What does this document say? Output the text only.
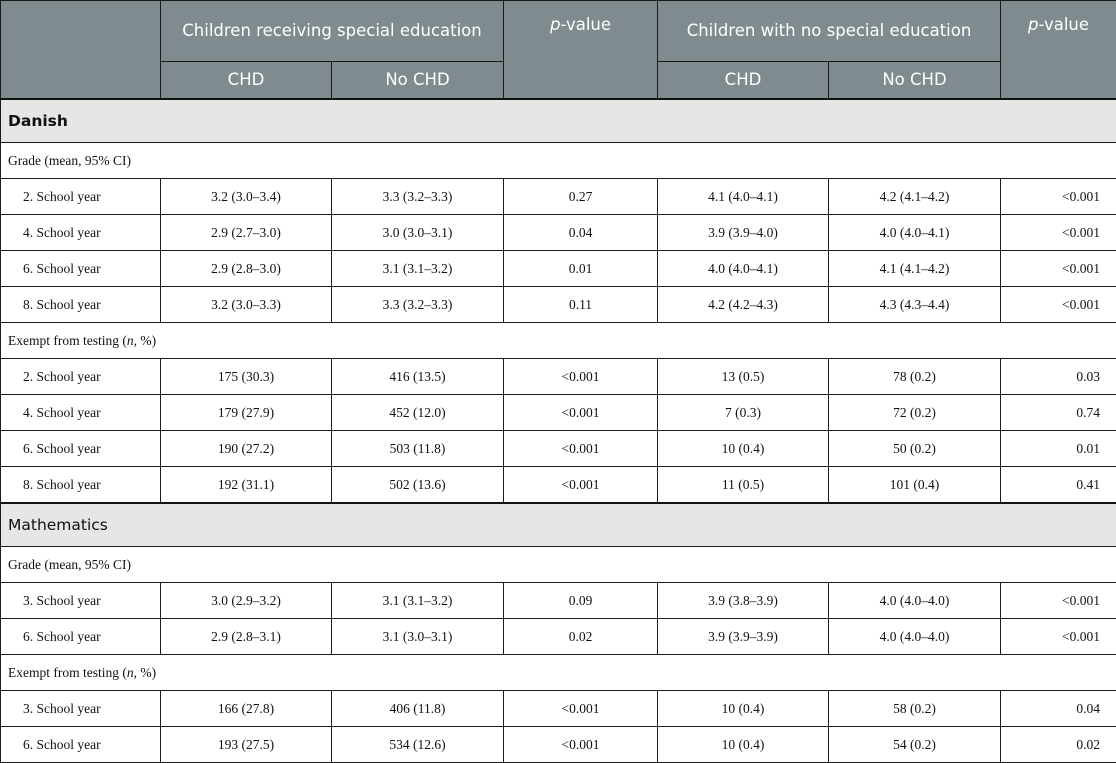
	Children receiving special education		p-value	Children with no special education		p-value
	CHD	No CHD		CHD	No CHD	
Danish						
Grade (mean, 95% CI)						
2. School year	3.2 (3.0–3.4)	3.3 (3.2–3.3)	0.27	4.1 (4.0–4.1)	4.2 (4.1–4.2)	<0.001
4. School year	2.9 (2.7–3.0)	3.0 (3.0–3.1)	0.04	3.9 (3.9–4.0)	4.0 (4.0–4.1)	<0.001
6. School year	2.9 (2.8–3.0)	3.1 (3.1–3.2)	0.01	4.0 (4.0–4.1)	4.1 (4.1–4.2)	<0.001
8. School year	3.2 (3.0–3.3)	3.3 (3.2–3.3)	0.11	4.2 (4.2–4.3)	4.3 (4.3–4.4)	<0.001
Exempt from testing (n, %)						
2. School year	175 (30.3)	416 (13.5)	<0.001	13 (0.5)	78 (0.2)	0.03
4. School year	179 (27.9)	452 (12.0)	<0.001	7 (0.3)	72 (0.2)	0.74
6. School year	190 (27.2)	503 (11.8)	<0.001	10 (0.4)	50 (0.2)	0.01
8. School year	192 (31.1)	502 (13.6)	<0.001	11 (0.5)	101 (0.4)	0.41
Mathematics						
Grade (mean, 95% CI)						
3. School year	3.0 (2.9–3.2)	3.1 (3.1–3.2)	0.09	3.9 (3.8–3.9)	4.0 (4.0–4.0)	<0.001
6. School year	2.9 (2.8–3.1)	3.1 (3.0–3.1)	0.02	3.9 (3.9–3.9)	4.0 (4.0–4.0)	<0.001
Exempt from testing (n, %)						
3. School year	166 (27.8)	406 (11.8)	<0.001	10 (0.4)	58 (0.2)	0.04
6. School year	193 (27.5)	534 (12.6)	<0.001	10 (0.4)	54 (0.2)	0.02
